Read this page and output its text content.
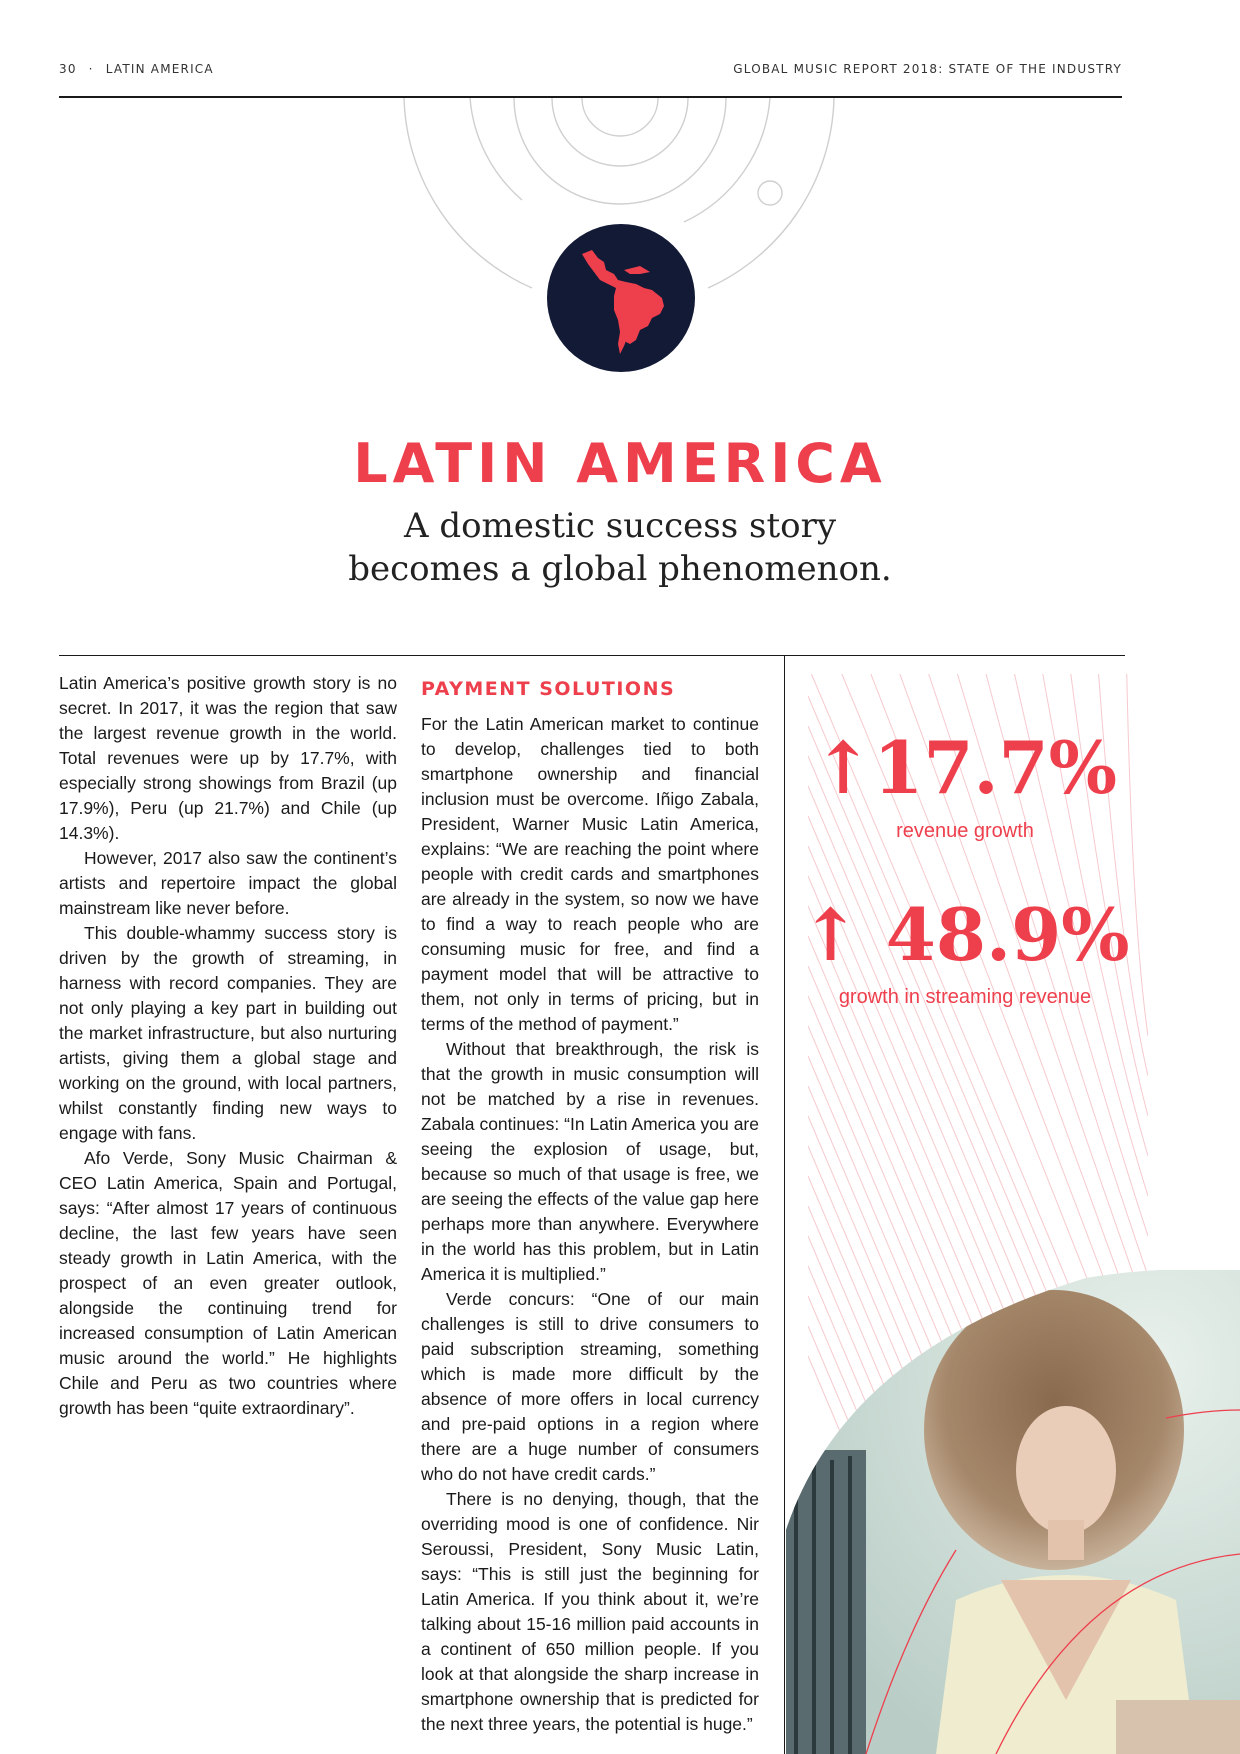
30 · LATIN AMERICA	GLOBAL MUSIC REPORT 2018: STATE OF THE INDUSTRY
LATIN AMERICA
A domestic success story
becomes a global phenomenon.

Latin America’s positive growth story is no secret. In 2017, it was the region that saw the largest revenue growth in the world. Total revenues were up by 17.7%, with especially strong showings from Brazil (up 17.9%), Peru (up 21.7%) and Chile (up 14.3%).

However, 2017 also saw the continent’s artists and repertoire impact the global mainstream like never before.

This double-whammy success story is driven by the growth of streaming, in harness with record companies. They are not only playing a key part in building out the market infrastructure, but also nurturing artists, giving them a global stage and working on the ground, with local partners, whilst constantly finding new ways to engage with fans.

Afo Verde, Sony Music Chairman & CEO Latin America, Spain and Portugal, says: “After almost 17 years of continuous decline, the last few years have seen steady growth in Latin America, with the prospect of an even greater outlook, alongside the continuing trend for increased consumption of Latin American music around the world.” He highlights Chile and Peru as two countries where growth has been “quite extraordinary”.

PAYMENT SOLUTIONS

For the Latin American market to continue to develop, challenges tied to both smartphone ownership and financial inclusion must be overcome. Iñigo Zabala, President, Warner Music Latin America, explains: “We are reaching the point where people with credit cards and smartphones are already in the system, so now we have to find a way to reach people who are consuming music for free, and find a payment model that will be attractive to them, not only in terms of pricing, but in terms of the method of payment.”

Without that breakthrough, the risk is that the growth in music consumption will not be matched by a rise in revenues. Zabala continues: “In Latin America you are seeing the explosion of usage, but, because so much of that usage is free, we are seeing the effects of the value gap here perhaps more than anywhere. Everywhere in the world has this problem, but in Latin America it is multiplied.”

Verde concurs: “One of our main challenges is still to drive consumers to paid subscription streaming, something which is made more difficult by the absence of more offers in local currency and pre-paid options in a region where there are a huge number of consumers who do not have credit cards.”

There is no denying, though, that the overriding mood is one of confidence. Nir Seroussi, President, Sony Music Latin, says: “This is still just the beginning for Latin America. If you think about it, we’re talking about 15-16 million paid accounts in a continent of 650 million people. If you look at that alongside the sharp increase in smartphone ownership that is predicted for the next three years, the potential is huge.”

↑17.7%
revenue growth
↑ 48.9%
growth in streaming revenue
